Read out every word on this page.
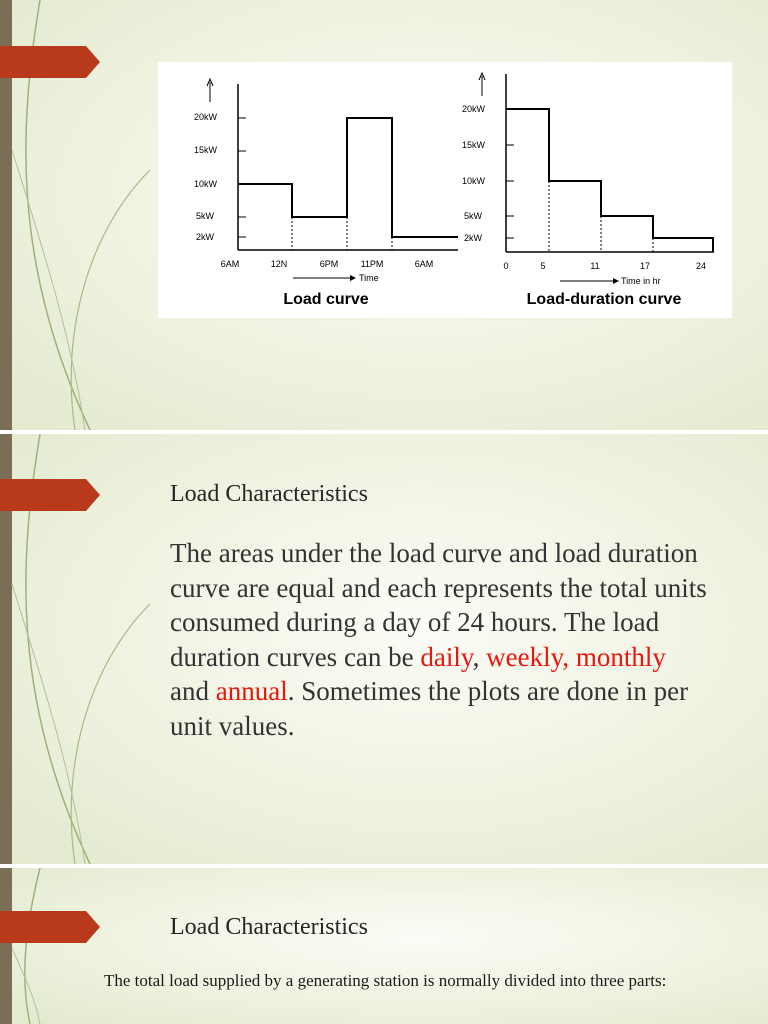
20kW
15kW
10kW
5kW
2kW
6AM	12N	6PM 11PM	6AM
Time
Load curve
20kW
15kW
10kW
5kW
2kW
0	5	11	17	24
Time in hr
Load-duration curve
Load Characteristics
The areas under the load curve and load duration curve are equal and each represents the total units consumed during a day of 24 hours. The load duration curves can be daily, weekly, monthly and annual. Sometimes the plots are done in per unit values.
Load Characteristics
The total load supplied by a generating station is normally divided into three parts:
